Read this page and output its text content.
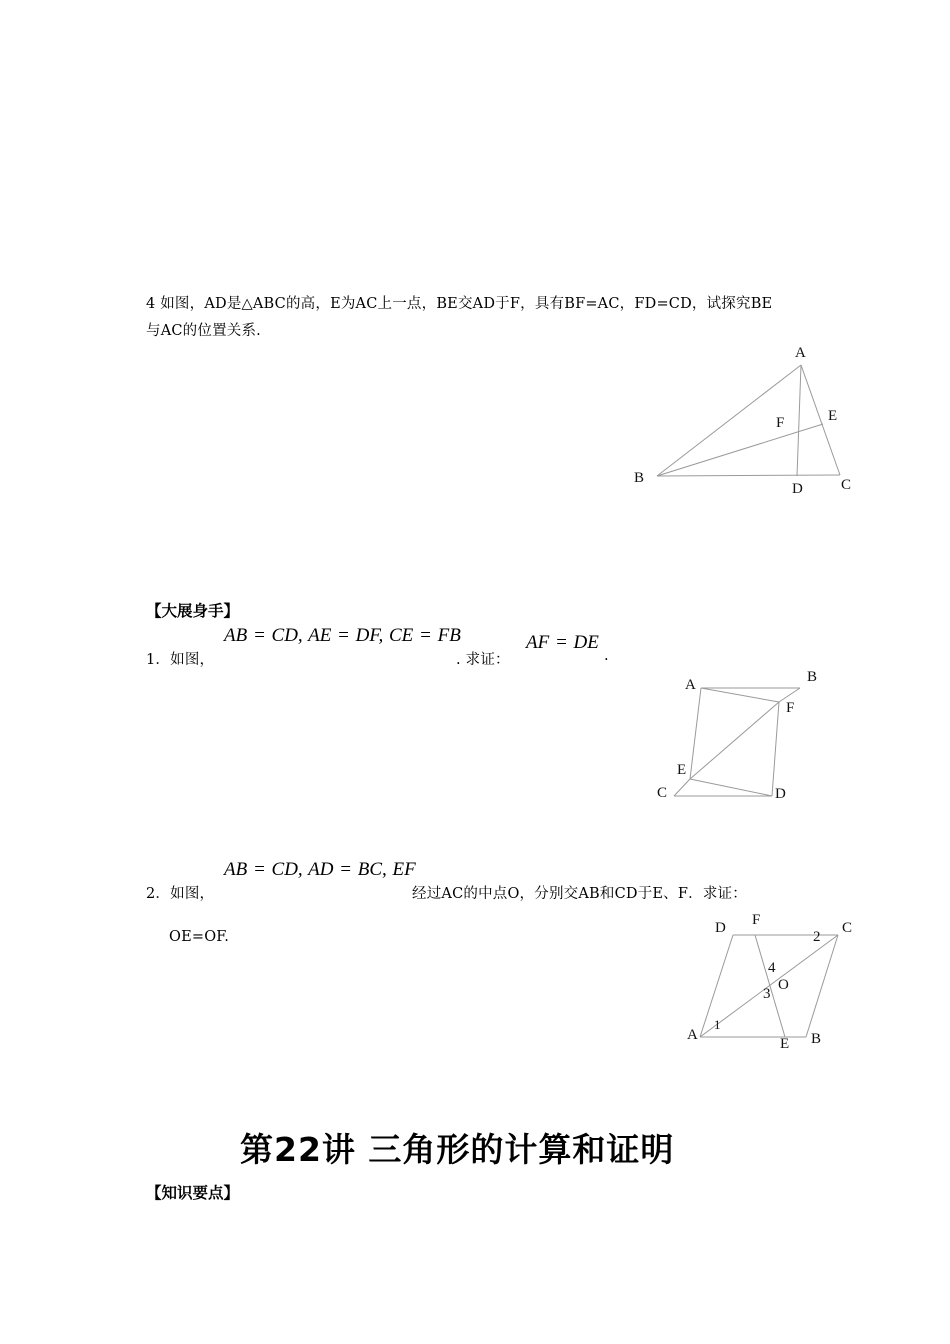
4 如图，AD是△ABC的高，E为AC上一点，BE交AD于F，具有BF=AC，FD=CD，试探究BE
与AC的位置关系.
A
B	C
D
E
F
【大展身手】
1．如图，
AB = CD, AE = DF, CE = FB
. 求证：
AF = DE
.
A	B
C	D
E
F
2．如图，
AB = CD, AD = BC, EF
经过AC的中点O，分别交AB和CD于E、F．求证：
OE=OF.
D F	C
2
4
O
3
1
A
E B
第22讲 三角形的计算和证明
【知识要点】
